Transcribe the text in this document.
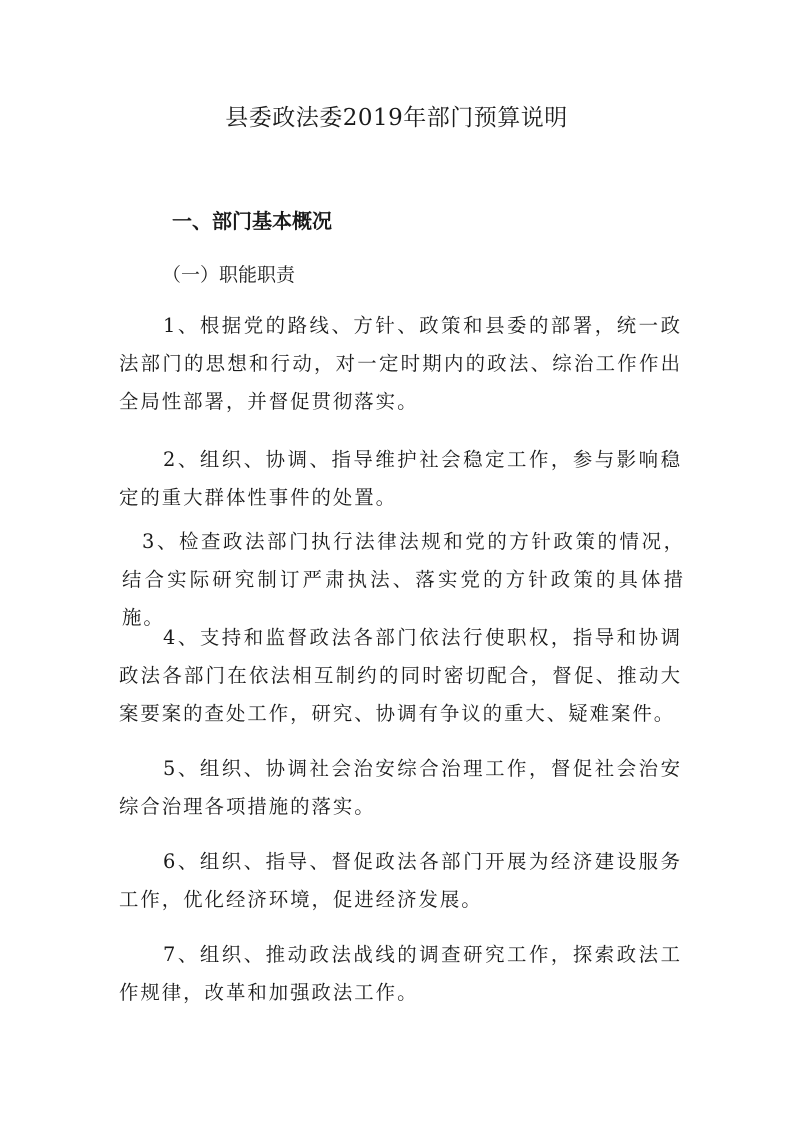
县委政法委2019年部门预算说明
一、部门基本概况
（一）职能职责

1、根据党的路线、方针、政策和县委的部署，统一政法部门的思想和行动，对一定时期内的政法、综治工作作出全局性部署，并督促贯彻落实。

2、组织、协调、指导维护社会稳定工作，参与影响稳定的重大群体性事件的处置。

3、检查政法部门执行法律法规和党的方针政策的情况，结合实际研究制订严肃执法、落实党的方针政策的具体措施。

4、支持和监督政法各部门依法行使职权，指导和协调政法各部门在依法相互制约的同时密切配合，督促、推动大案要案的查处工作，研究、协调有争议的重大、疑难案件。

5、组织、协调社会治安综合治理工作，督促社会治安综合治理各项措施的落实。

6、组织、指导、督促政法各部门开展为经济建设服务工作，优化经济环境，促进经济发展。

7、组织、推动政法战线的调查研究工作，探索政法工作规律，改革和加强政法工作。
